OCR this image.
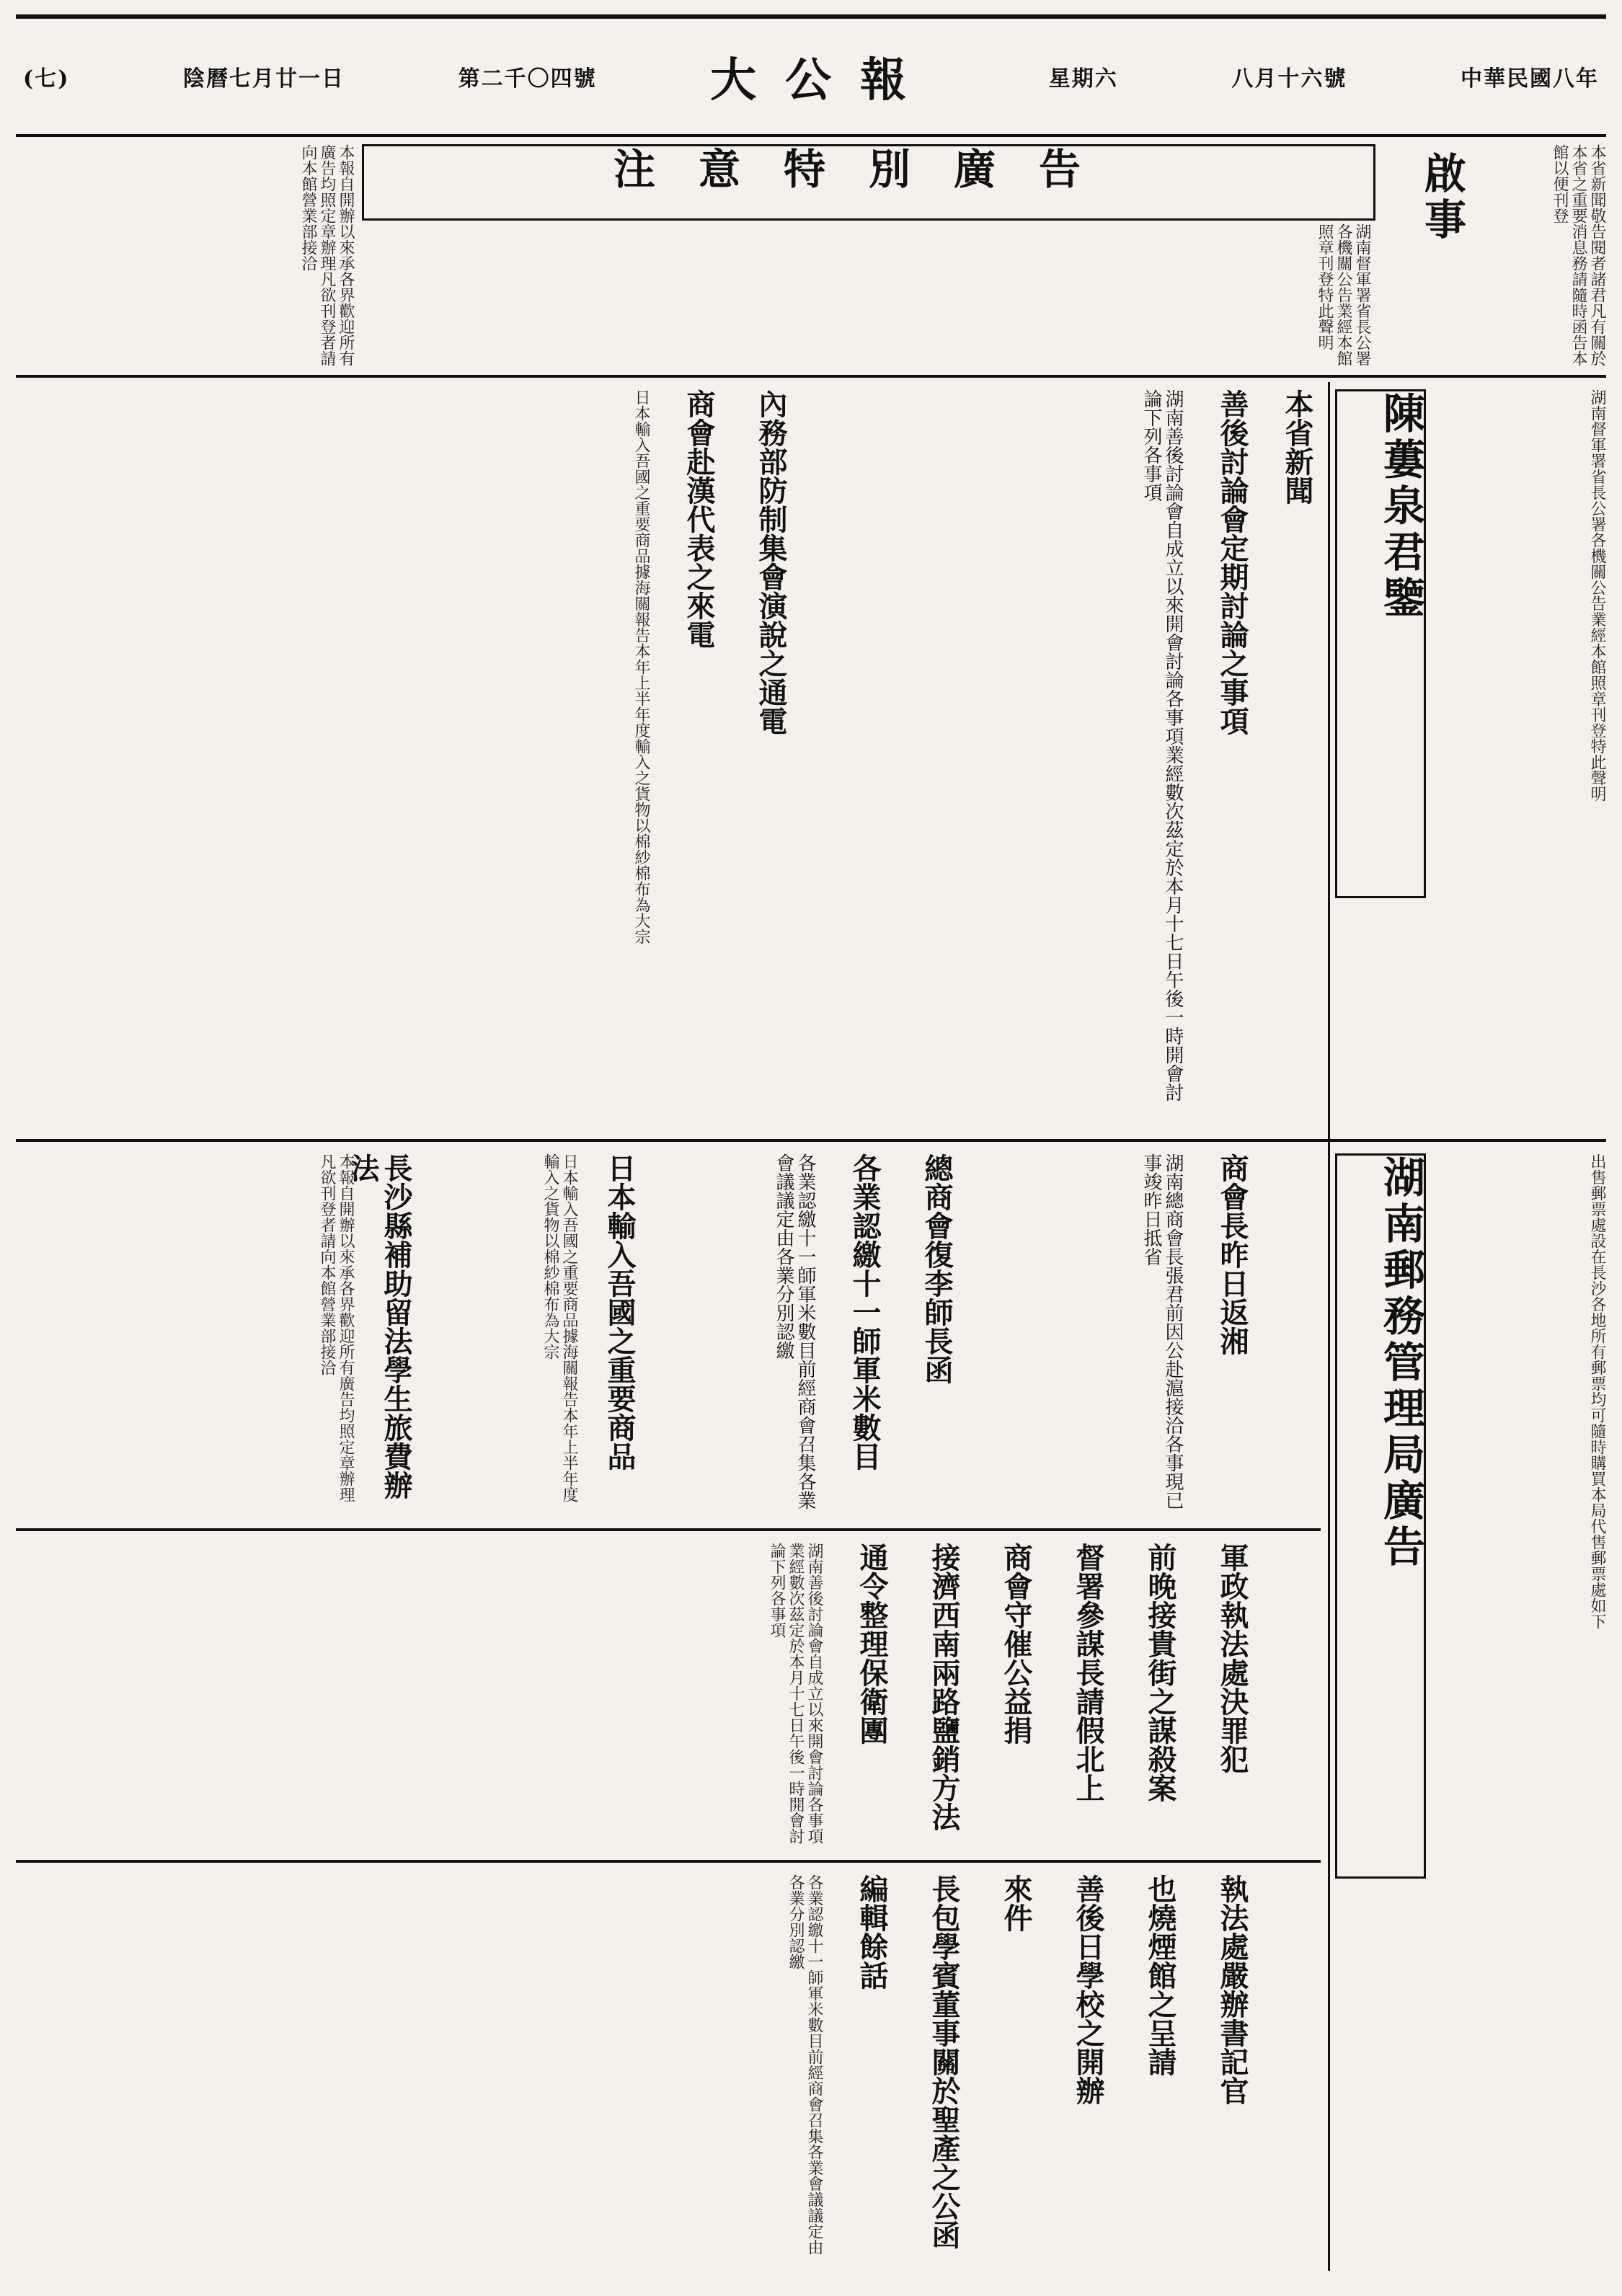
(七)	陰曆七月廿一日	第二千〇四號 大公報	星期六	八月十六號	中華民國八年
本報自開辦以來承各界歡迎所有廣告均照定章辦理凡欲刊登者請向本館營業部接洽	注意特別廣告
湖南督軍署省長公署各機關公告業經本館照章刊登特此聲明
啟事	本省新聞敬告閱者諸君凡有關於本省之重要消息務請隨時函告本館以便刊登
本省新聞
善後討論會定期討論之事項
湖南善後討論會自成立以來開會討論各事項業經數次茲定於本月十七日午後一時開會討論下列各事項
內務部防制集會演說之通電
商會赴漢代表之來電
日本輸入吾國之重要商品據海關報告本年上半年度輸入之貨物以棉紗棉布為大宗	陳蔞泉君鑒	湖南督軍署省長公署各機關公告業經本館照章刊登特此聲明
商會長昨日返湘
湖南總商會長張君前因公赴滬接洽各事現已事竣昨日抵省
總商會復李師長函
各業認繳十一師軍米數目
各業認繳十一師軍米數目前經商會召集各業會議議定由各業分別認繳
日本輸入吾國之重要商品
日本輸入吾國之重要商品據海關報告本年上半年度輸入之貨物以棉紗棉布為大宗
長沙縣補助留法學生旅費辦法
本報自開辦以來承各界歡迎所有廣告均照定章辦理凡欲刊登者請向本館營業部接洽	湖南郵務管理局廣告	出售郵票處設在長沙各地所有郵票均可隨時購買本局代售郵票處如下
軍政執法處決罪犯
前晚接貴街之謀殺案
督署參謀長請假北上
商會守催公益捐
接濟西南兩路鹽銷方法
通令整理保衛團
湖南善後討論會自成立以來開會討論各事項業經數次茲定於本月十七日午後一時開會討論下列各事項
執法處嚴辦書記官
也燒煙館之呈請
善後日學校之開辦
來件
長包學賓董事關於聖產之公函
編輯餘話
各業認繳十一師軍米數目前經商會召集各業會議議定由各業分別認繳
